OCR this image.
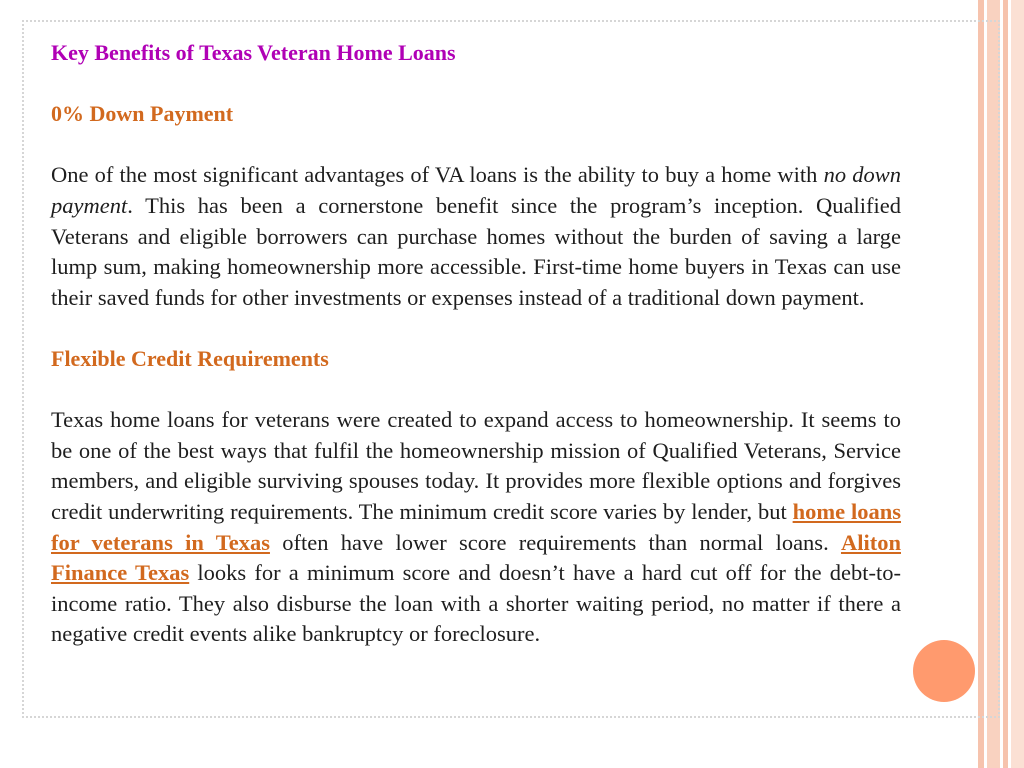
Key Benefits of Texas Veteran Home Loans

0% Down Payment

One of the most significant advantages of VA loans is the ability to buy a home with no down payment. This has been a cornerstone benefit since the program’s inception. Qualified Veterans and eligible borrowers can purchase homes without the burden of saving a large lump sum, making homeownership more accessible. First-time home buyers in Texas can use their saved funds for other investments or expenses instead of a traditional down payment.

Flexible Credit Requirements

Texas home loans for veterans were created to expand access to homeownership. It seems to be one of the best ways that fulfil the homeownership mission of Qualified Veterans, Service members, and eligible surviving spouses today. It provides more flexible options and forgives credit underwriting requirements. The minimum credit score varies by lender, but home loans for veterans in Texas often have lower score requirements than normal loans. Aliton Finance Texas looks for a minimum score and doesn’t have a hard cut off for the debt-to-income ratio. They also disburse the loan with a shorter waiting period, no matter if there a negative credit events alike bankruptcy or foreclosure.
